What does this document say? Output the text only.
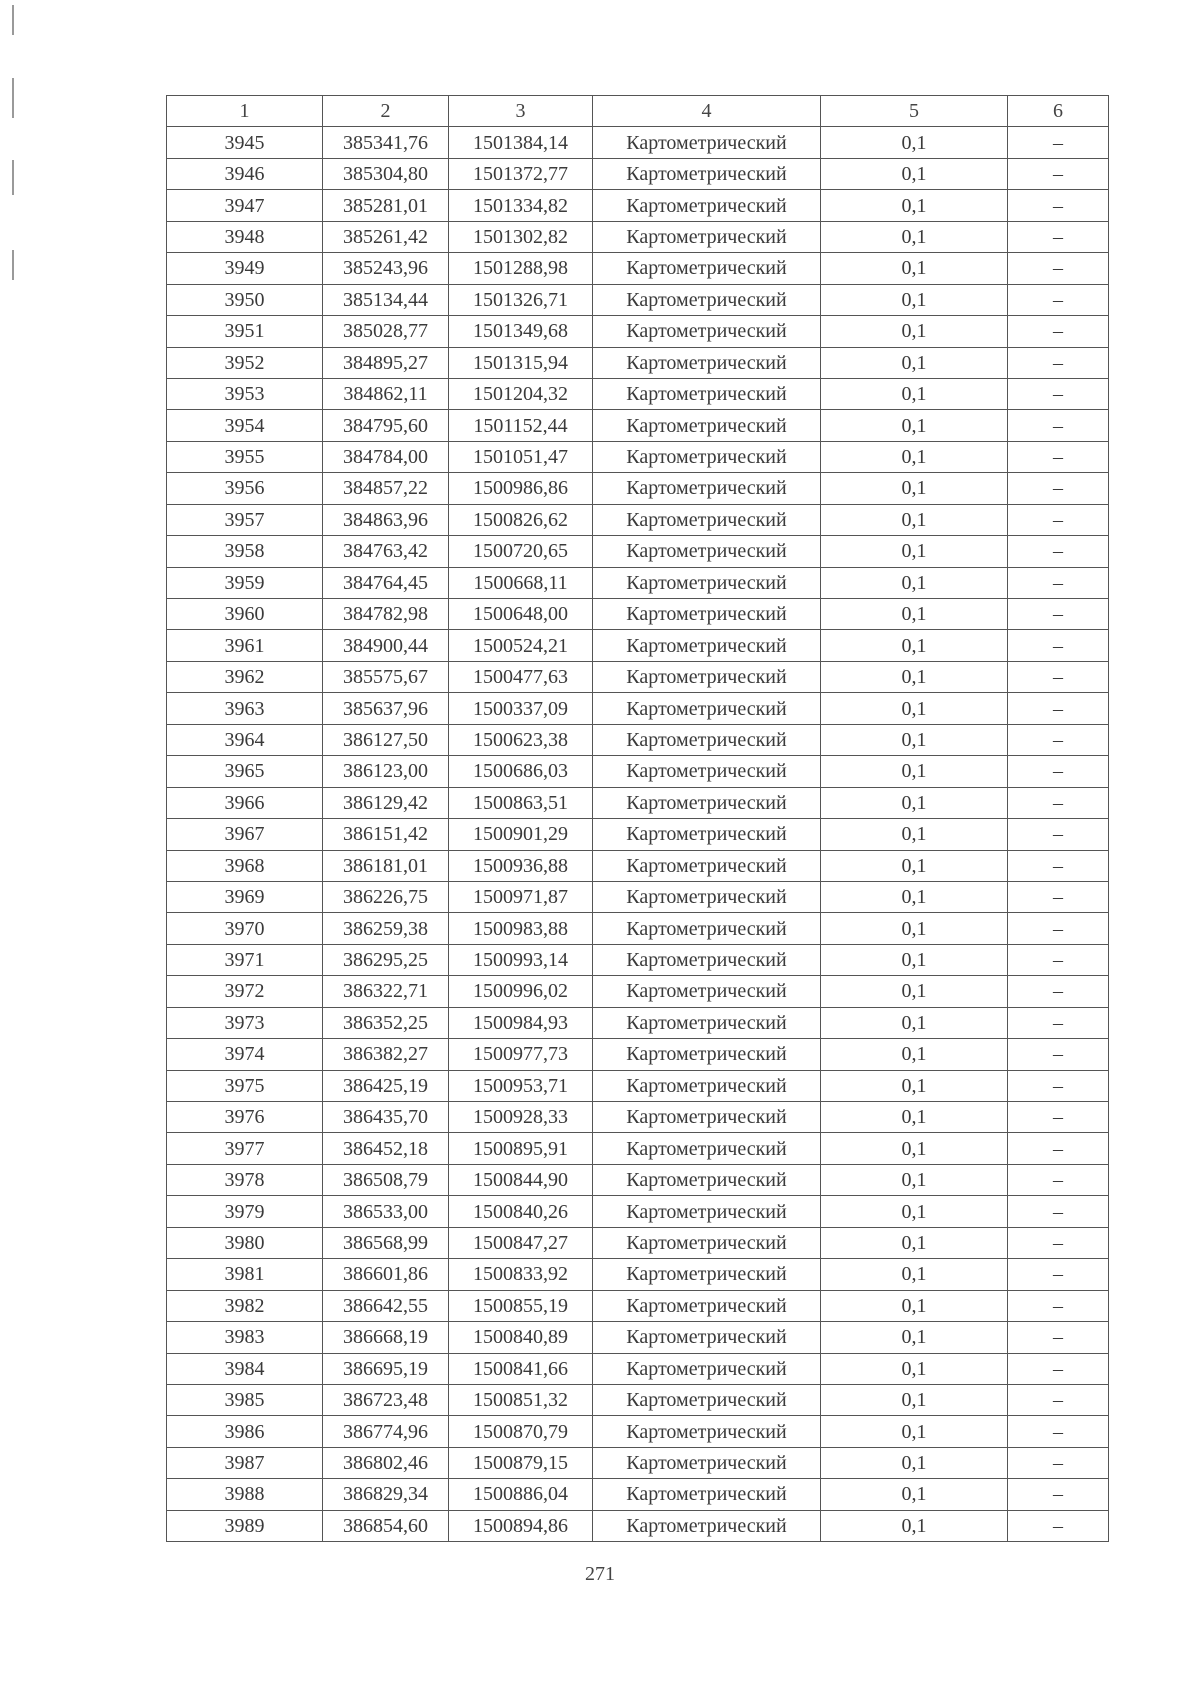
1	2	3	4	5	6
3945	385341,76	1501384,14	Картометрический	0,1	–
3946	385304,80	1501372,77	Картометрический	0,1	–
3947	385281,01	1501334,82	Картометрический	0,1	–
3948	385261,42	1501302,82	Картометрический	0,1	–
3949	385243,96	1501288,98	Картометрический	0,1	–
3950	385134,44	1501326,71	Картометрический	0,1	–
3951	385028,77	1501349,68	Картометрический	0,1	–
3952	384895,27	1501315,94	Картометрический	0,1	–
3953	384862,11	1501204,32	Картометрический	0,1	–
3954	384795,60	1501152,44	Картометрический	0,1	–
3955	384784,00	1501051,47	Картометрический	0,1	–
3956	384857,22	1500986,86	Картометрический	0,1	–
3957	384863,96	1500826,62	Картометрический	0,1	–
3958	384763,42	1500720,65	Картометрический	0,1	–
3959	384764,45	1500668,11	Картометрический	0,1	–
3960	384782,98	1500648,00	Картометрический	0,1	–
3961	384900,44	1500524,21	Картометрический	0,1	–
3962	385575,67	1500477,63	Картометрический	0,1	–
3963	385637,96	1500337,09	Картометрический	0,1	–
3964	386127,50	1500623,38	Картометрический	0,1	–
3965	386123,00	1500686,03	Картометрический	0,1	–
3966	386129,42	1500863,51	Картометрический	0,1	–
3967	386151,42	1500901,29	Картометрический	0,1	–
3968	386181,01	1500936,88	Картометрический	0,1	–
3969	386226,75	1500971,87	Картометрический	0,1	–
3970	386259,38	1500983,88	Картометрический	0,1	–
3971	386295,25	1500993,14	Картометрический	0,1	–
3972	386322,71	1500996,02	Картометрический	0,1	–
3973	386352,25	1500984,93	Картометрический	0,1	–
3974	386382,27	1500977,73	Картометрический	0,1	–
3975	386425,19	1500953,71	Картометрический	0,1	–
3976	386435,70	1500928,33	Картометрический	0,1	–
3977	386452,18	1500895,91	Картометрический	0,1	–
3978	386508,79	1500844,90	Картометрический	0,1	–
3979	386533,00	1500840,26	Картометрический	0,1	–
3980	386568,99	1500847,27	Картометрический	0,1	–
3981	386601,86	1500833,92	Картометрический	0,1	–
3982	386642,55	1500855,19	Картометрический	0,1	–
3983	386668,19	1500840,89	Картометрический	0,1	–
3984	386695,19	1500841,66	Картометрический	0,1	–
3985	386723,48	1500851,32	Картометрический	0,1	–
3986	386774,96	1500870,79	Картометрический	0,1	–
3987	386802,46	1500879,15	Картометрический	0,1	–
3988	386829,34	1500886,04	Картометрический	0,1	–
3989	386854,60	1500894,86	Картометрический	0,1	–
271
